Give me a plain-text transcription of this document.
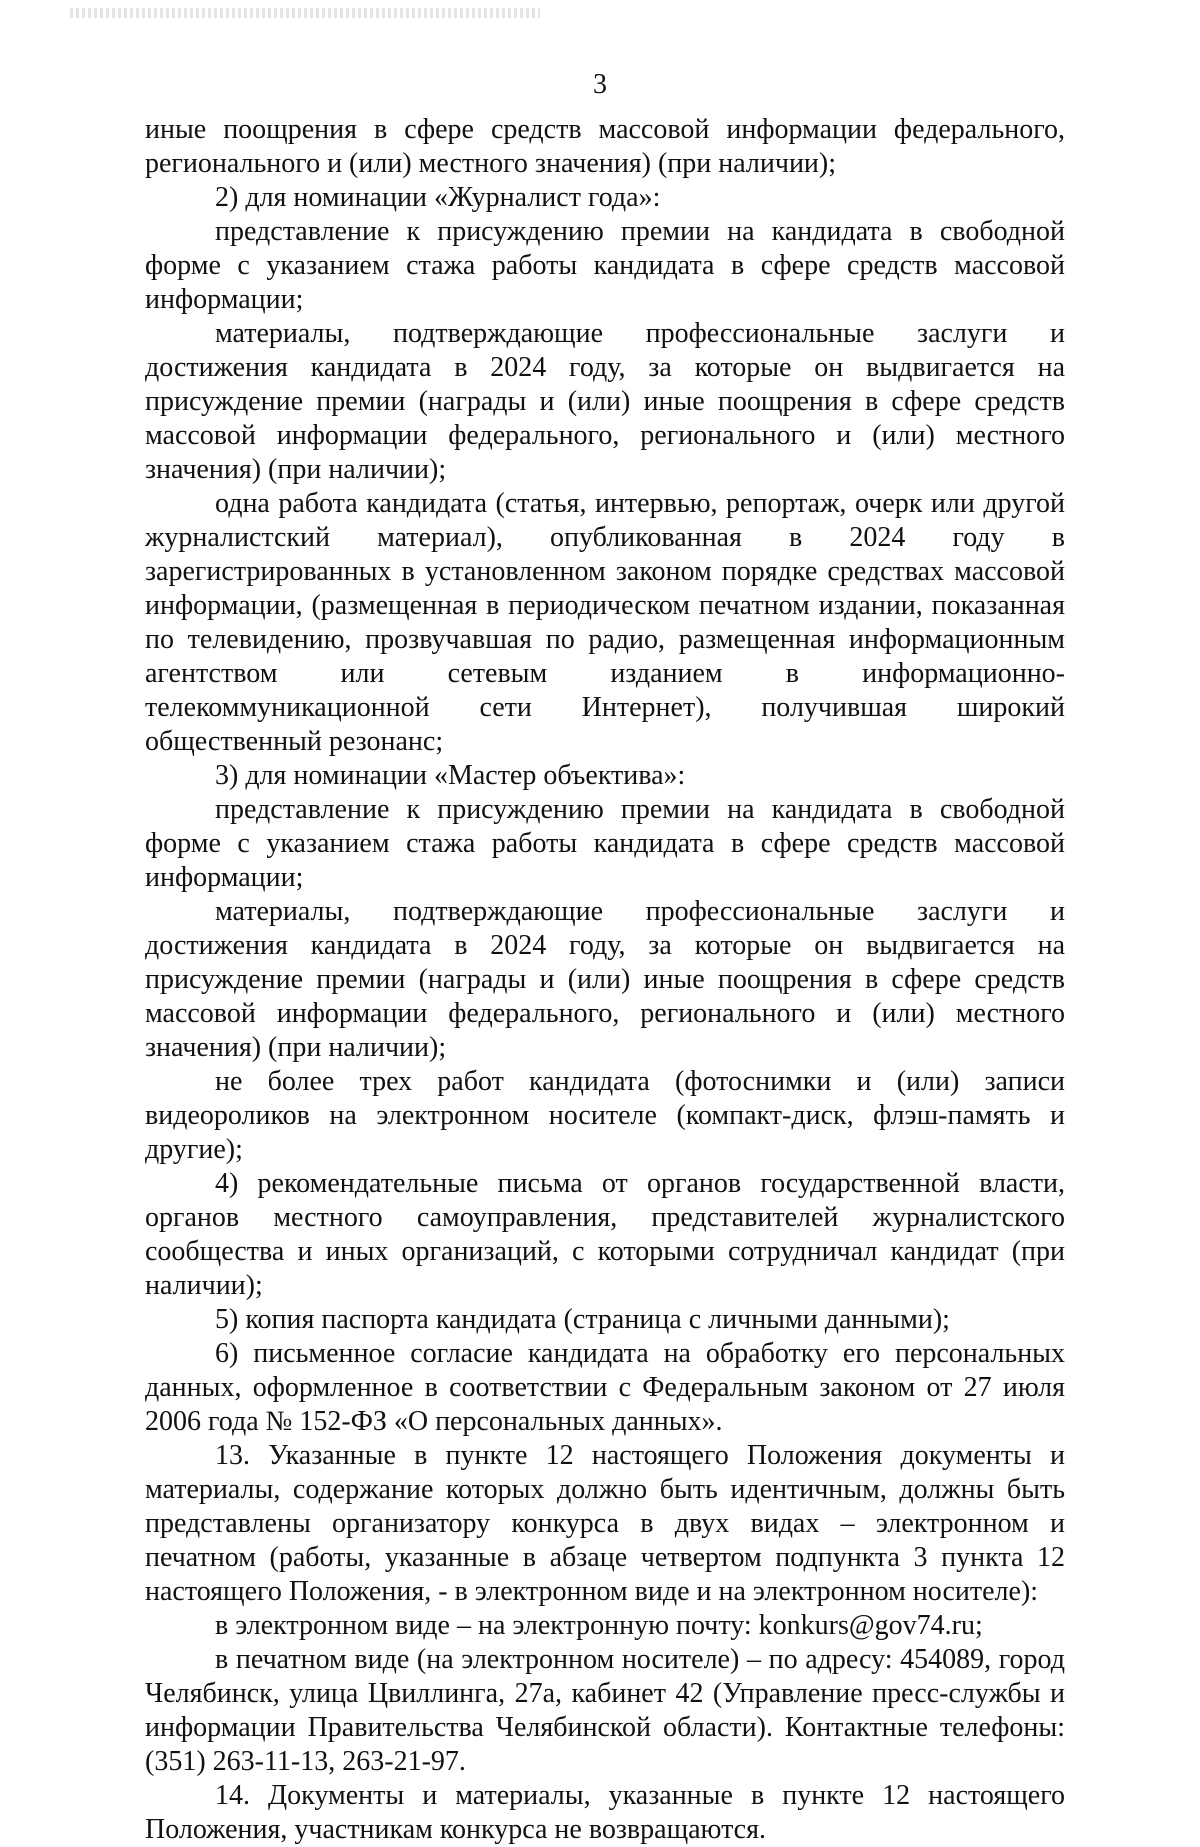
3

иные поощрения в сфере средств массовой информации федерального, регионального и (или) местного значения) (при наличии);

2) для номинации «Журналист года»:

представление к присуждению премии на кандидата в свободной форме с указанием стажа работы кандидата в сфере средств массовой информации;

материалы, подтверждающие профессиональные заслуги и достижения кандидата в 2024 году, за которые он выдвигается на присуждение премии (награды и (или) иные поощрения в сфере средств массовой информации федерального, регионального и (или) местного значения) (при наличии);

одна работа кандидата (статья, интервью, репортаж, очерк или другой журналистский материал), опубликованная в 2024 году в зарегистрированных в установленном законом порядке средствах массовой информации, (размещенная в периодическом печатном издании, показанная по телевидению, прозвучавшая по радио, размещенная информационным агентством или сетевым изданием в информационно-телекоммуникационной сети Интернет), получившая широкий общественный резонанс;

3) для номинации «Мастер объектива»:

представление к присуждению премии на кандидата в свободной форме с указанием стажа работы кандидата в сфере средств массовой информации;

материалы, подтверждающие профессиональные заслуги и достижения кандидата в 2024 году, за которые он выдвигается на присуждение премии (награды и (или) иные поощрения в сфере средств массовой информации федерального, регионального и (или) местного значения) (при наличии);

не более трех работ кандидата (фотоснимки и (или) записи видеороликов на электронном носителе (компакт-диск, флэш-память и другие);

4) рекомендательные письма от органов государственной власти, органов местного самоуправления, представителей журналистского сообщества и иных организаций, с которыми сотрудничал кандидат (при наличии);

5) копия паспорта кандидата (страница с личными данными);

6) письменное согласие кандидата на обработку его персональных данных, оформленное в соответствии с Федеральным законом от 27 июля 2006 года № 152-ФЗ «О персональных данных».

13. Указанные в пункте 12 настоящего Положения документы и материалы, содержание которых должно быть идентичным, должны быть представлены организатору конкурса в двух видах – электронном и печатном (работы, указанные в абзаце четвертом подпункта 3 пункта 12 настоящего Положения, - в электронном виде и на электронном носителе):

в электронном виде – на электронную почту: konkurs@gov74.ru;

в печатном виде (на электронном носителе) – по адресу: 454089, город Челябинск, улица Цвиллинга, 27а, кабинет 42 (Управление пресс-службы и информации Правительства Челябинской области). Контактные телефоны: (351) 263-11-13, 263-21-97.

14. Документы и материалы, указанные в пункте 12 настоящего Положения, участникам конкурса не возвращаются.
